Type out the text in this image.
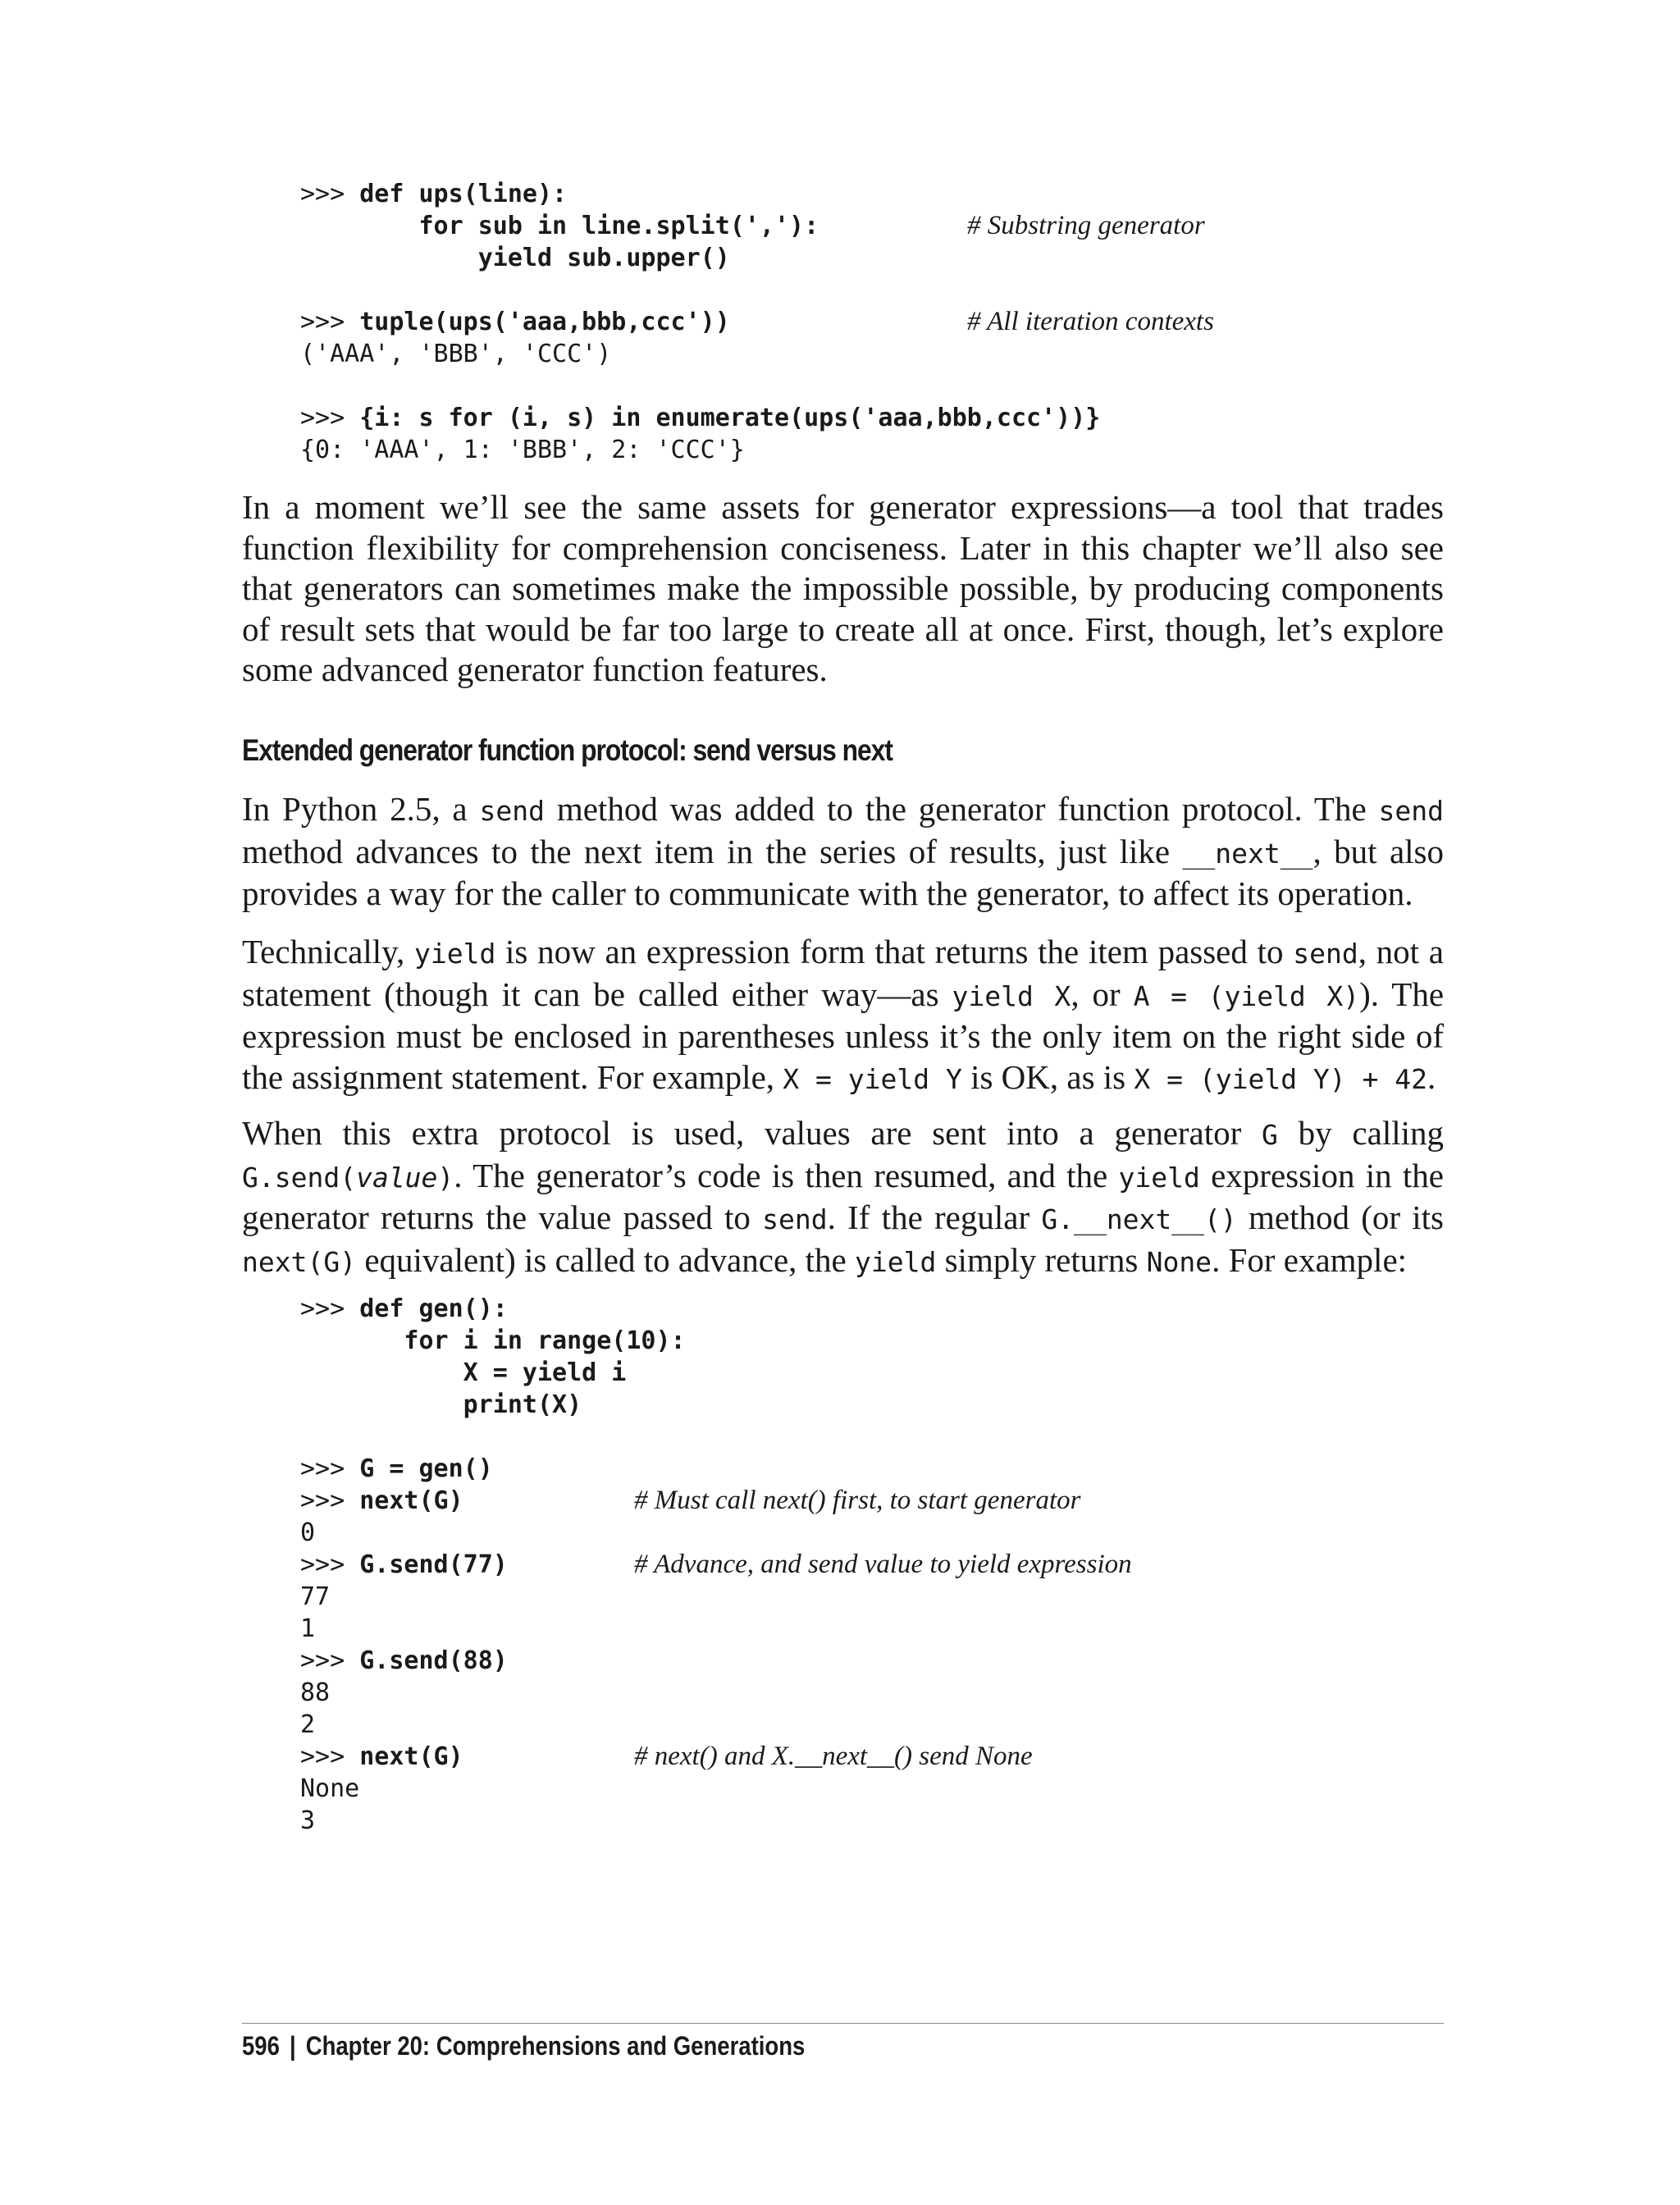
>>> def ups(line):
for sub in line.split(','):	# Substring generator
yield sub.upper()
>>> tuple(ups('aaa,bbb,ccc'))	# All iteration contexts
('AAA', 'BBB', 'CCC')
>>> {i: s for (i, s) in enumerate(ups('aaa,bbb,ccc'))}
{0: 'AAA', 1: 'BBB', 2: 'CCC'}

In a moment we’ll see the same assets for generator expressions—a tool that trades function flexibility for comprehension conciseness. Later in this chapter we’ll also see that generators can sometimes make the impossible possible, by producing components of result sets that would be far too large to create all at once. First, though, let’s explore some advanced generator function features.

Extended generator function protocol: send versus next

In Python 2.5, a send method was added to the generator function protocol. The send method advances to the next item in the series of results, just like __next__, but also provides a way for the caller to communicate with the generator, to affect its operation.

Technically, yield is now an expression form that returns the item passed to send, not a statement (though it can be called either way—as yield X, or A = (yield X)). The expression must be enclosed in parentheses unless it’s the only item on the right side of the assignment statement. For example, X = yield Y is OK, as is X = (yield Y) + 42.

When this extra protocol is used, values are sent into a generator G by calling G.send(value). The generator’s code is then resumed, and the yield expression in the generator returns the value passed to send. If the regular G.__next__() method (or its next(G) equivalent) is called to advance, the yield simply returns None. For example:

>>> def gen():
for i in range(10):
X = yield i
print(X)
>>> G = gen()
>>> next(G)	# Must call next() first, to start generator
0
>>> G.send(77)	# Advance, and send value to yield expression
77
1
>>> G.send(88)
88
2
>>> next(G)	# next() and X.__next__() send None
None
3
596 | Chapter 20: Comprehensions and Generations
